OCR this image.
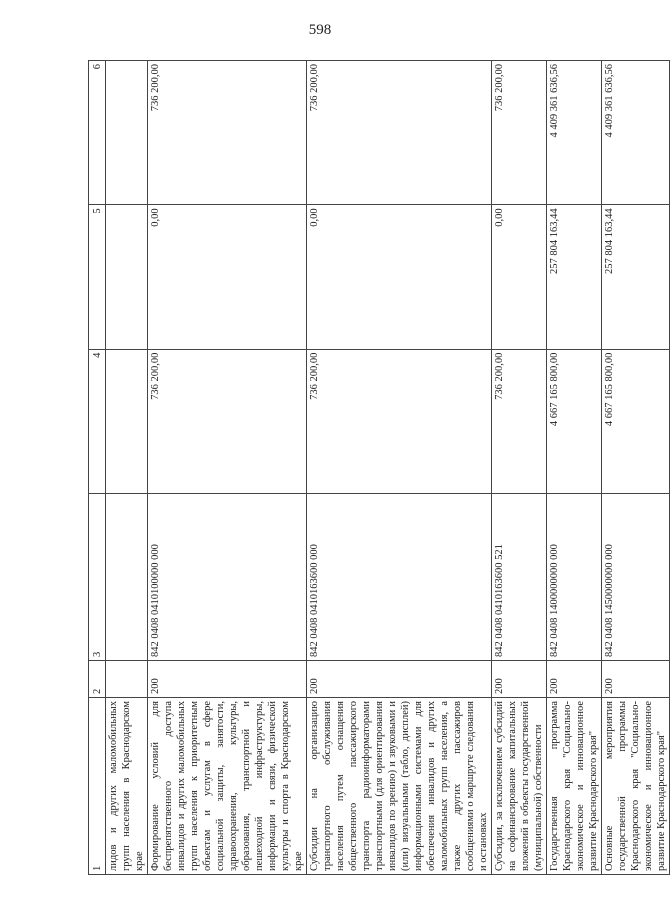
598
1	2	3	4	5	6
лидов и других маломобильных групп населения в Краснодарском крае					
Формирование условий для беспрепятственного доступа инвалидов и других маломобильных групп населения к приоритетным объектам и услугам в сфере социальной защиты, занятости, здравоохранения, культуры, образования, транспортной и пешеходной инфраструктуры, информации и связи, физической культуры и спорта в Краснодарском крае	200	842 0408 0410100000 000	736 200,00	0,00	736 200,00
Субсидии на организацию транспортного обслуживания населения путем оснащения общественного пассажирского транспорта радиоинформаторами транспортными (для ориентирования инвалидов по зрению) и звуковыми и (или) визуальными (табло, дисплей) информационными системами для обеспечения инвалидов и других маломобильных групп населения, а также других пассажиров сообщениями о маршруте следования и остановках	200	842 0408 0410163600 000	736 200,00	0,00	736 200,00
Субсидии, за исключением субсидий на софинансирование капитальных вложений в объекты государственной (муниципальной) собственности	200	842 0408 0410163600 521	736 200,00	0,00	736 200,00
Государственная программа Краснодарского края "Социально-экономическое и инновационное развитие Краснодарского края"	200	842 0408 1400000000 000	4 667 165 800,00	257 804 163,44	4 409 361 636,56
Основные мероприятия государственной программы Краснодарского края "Социально-экономическое и инновационное развитие Краснодарского края"	200	842 0408 1450000000 000	4 667 165 800,00	257 804 163,44	4 409 361 636,56
